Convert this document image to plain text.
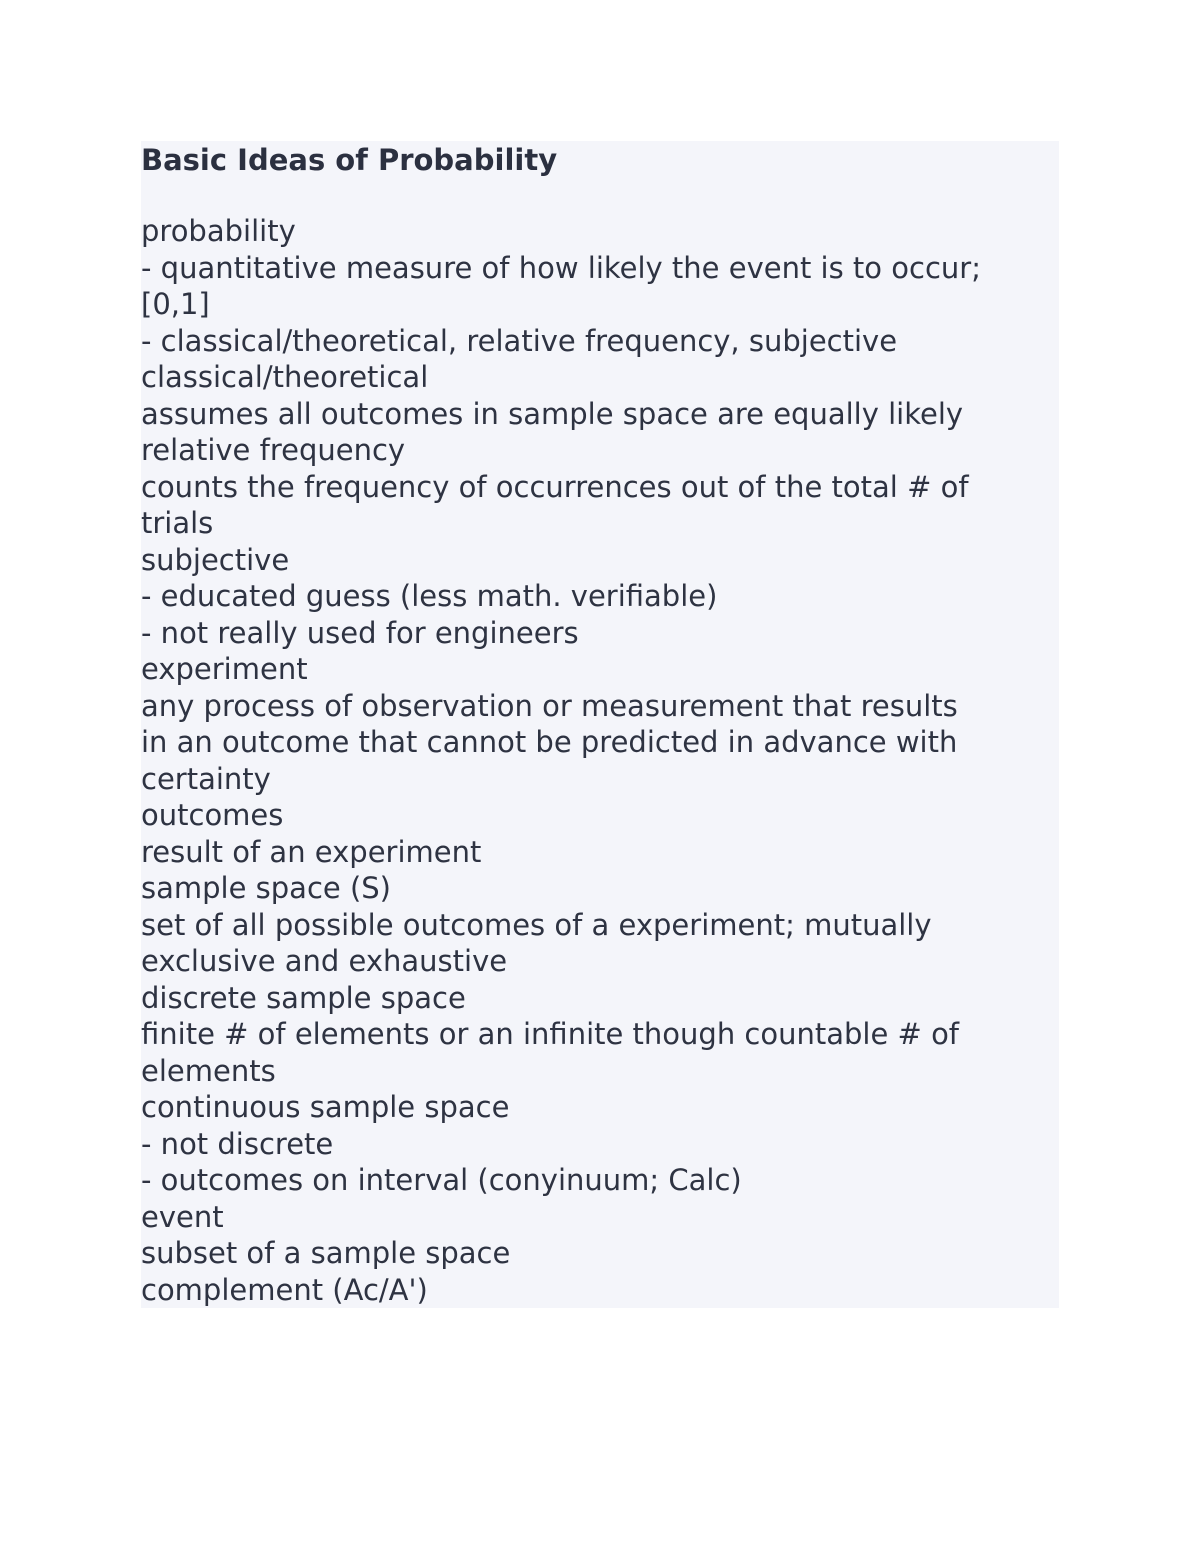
Basic Ideas of Probability
probability
- quantitative measure of how likely the event is to occur;
[0,1]
- classical/theoretical, relative frequency, subjective
classical/theoretical
assumes all outcomes in sample space are equally likely
relative frequency
counts the frequency of occurrences out of the total # of
trials
subjective
- educated guess (less math. verifiable)
- not really used for engineers
experiment
any process of observation or measurement that results
in an outcome that cannot be predicted in advance with
certainty
outcomes
result of an experiment
sample space (S)
set of all possible outcomes of a experiment; mutually
exclusive and exhaustive
discrete sample space
finite # of elements or an infinite though countable # of
elements
continuous sample space
- not discrete
- outcomes on interval (conyinuum; Calc)
event
subset of a sample space
complement (Ac/A')
